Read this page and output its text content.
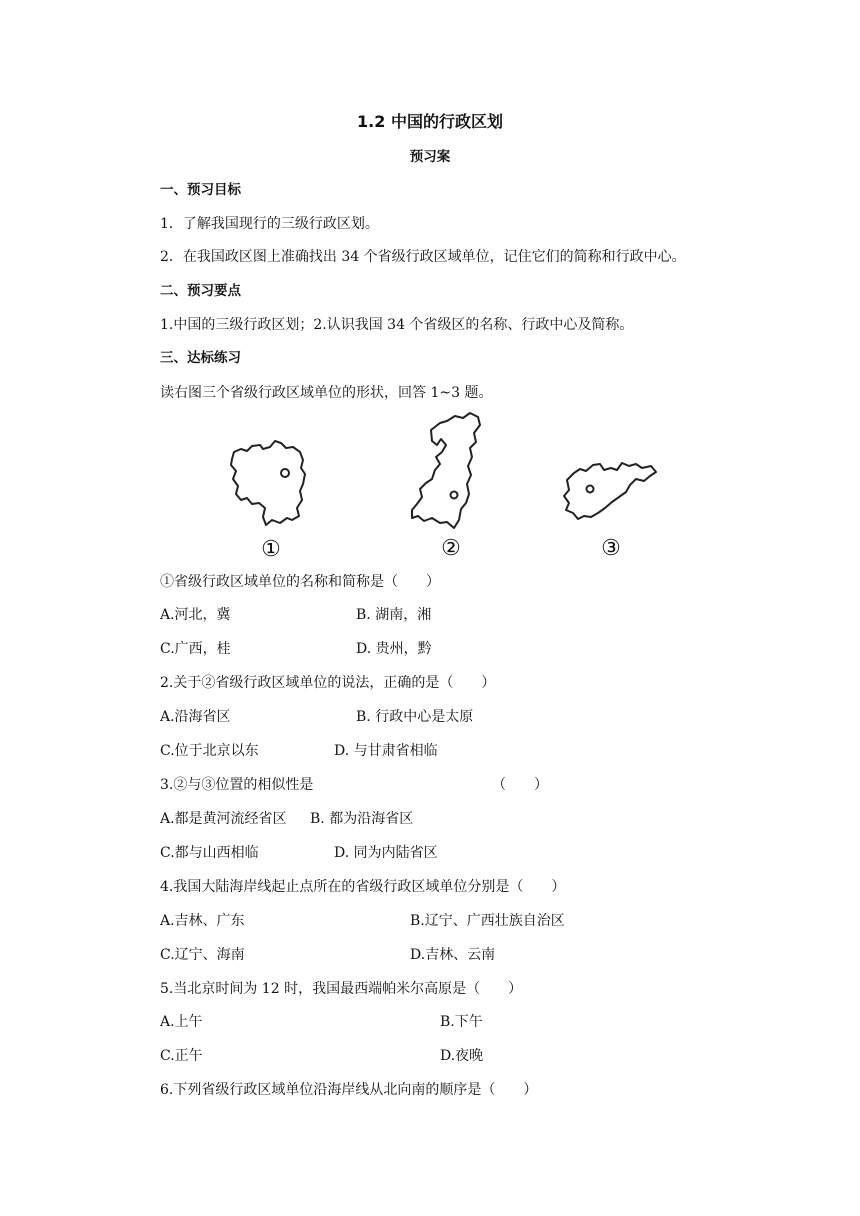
1.2 中国的行政区划
预习案
一、预习目标
1．了解我国现行的三级行政区划。
2．在我国政区图上准确找出 34 个省级行政区域单位，记住它们的简称和行政中心。
二、预习要点
1.中国的三级行政区划；2.认识我国 34 个省级区的名称、行政中心及简称。
三、达标练习
读右图三个省级行政区域单位的形状，回答 1~3 题。
①	②	③
①省级行政区域单位的名称和简称是（　　）
A.河北，冀	B. 湖南，湘
C.广西，桂	D. 贵州，黔
2.关于②省级行政区域单位的说法，正确的是（　　）
A.沿海省区	B. 行政中心是太原
C.位于北京以东	D. 与甘肃省相临
3.②与③位置的相似性是	（　　）
A.都是黄河流经省区 B. 都为沿海省区
C.都与山西相临	D. 同为内陆省区
4.我国大陆海岸线起止点所在的省级行政区域单位分别是（　　）
A.吉林、广东	B.辽宁、广西壮族自治区
C.辽宁、海南	D.吉林、云南
5.当北京时间为 12 时，我国最西端帕米尔高原是（　　）
A.上午	B.下午
C.正午	D.夜晚
6.下列省级行政区域单位沿海岸线从北向南的顺序是（　　）
